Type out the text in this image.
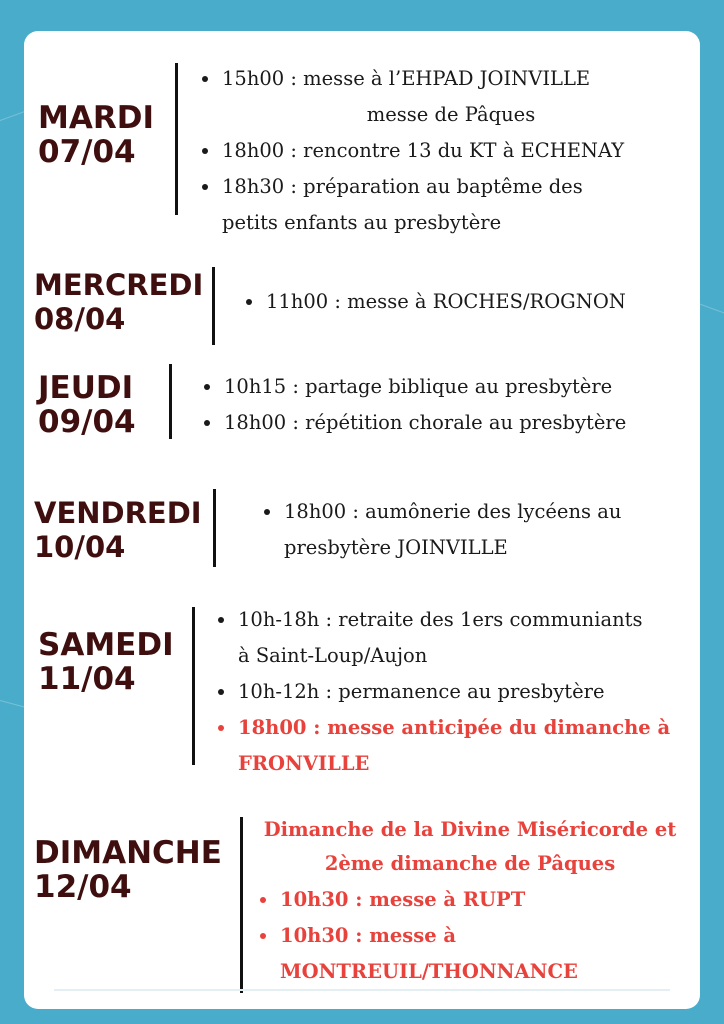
MARDI
07/04
15h00 : messe à l’EHPAD JOINVILLE
messe de Pâques
18h00 : rencontre 13 du KT à ECHENAY
18h30 : préparation au baptême des
petits enfants au presbytère
MERCREDI
08/04
11h00 : messe à ROCHES/ROGNON
JEUDI
09/04
10h15 : partage biblique au presbytère
18h00 : répétition chorale au presbytère
VENDREDI
10/04
18h00 : aumônerie des lycéens au
presbytère JOINVILLE
SAMEDI
11/04
10h-18h : retraite des 1ers communiants
à Saint-Loup/Aujon
10h-12h : permanence au presbytère
18h00 : messe anticipée du dimanche à
FRONVILLE
DIMANCHE
12/04
Dimanche de la Divine Miséricorde et
2ème dimanche de Pâques
10h30 : messe à RUPT
10h30 : messe à
MONTREUIL/THONNANCE
